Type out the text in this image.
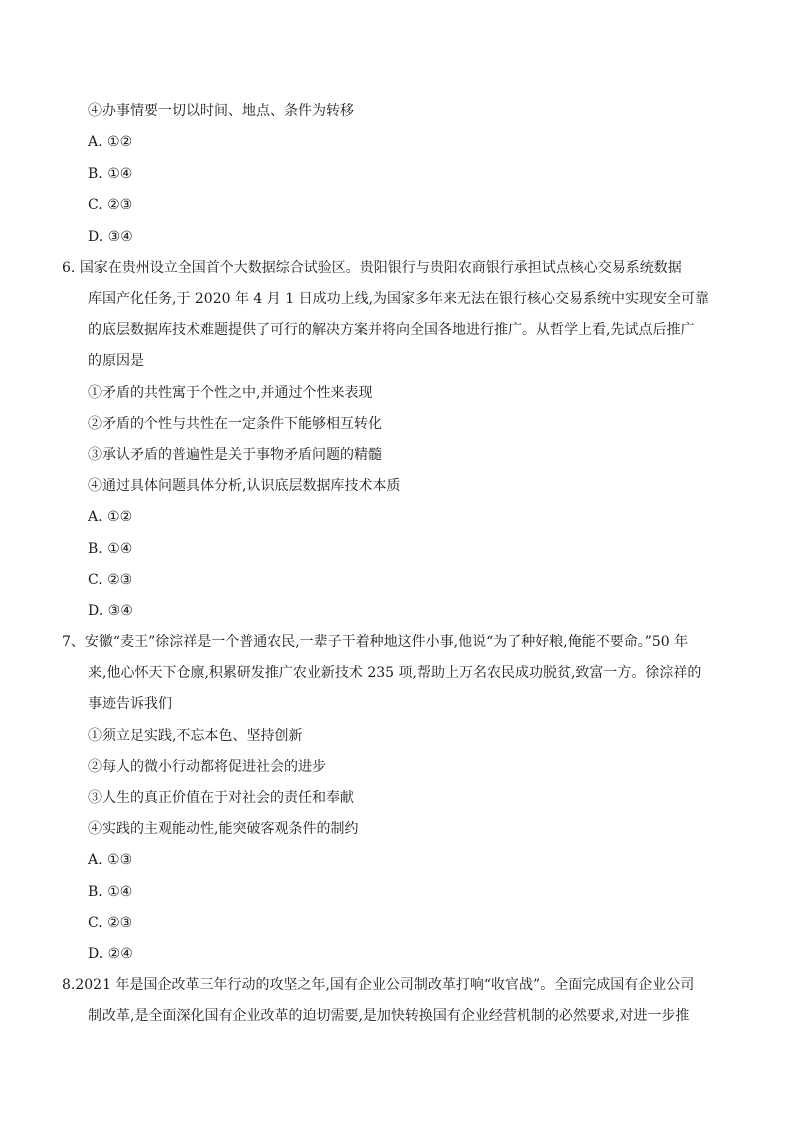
④办事情要一切以时间、地点、条件为转移
A. ①②
B. ①④
C. ②③
D. ③④
6. 国家在贵州设立全国首个大数据综合试验区。贵阳银行与贵阳农商银行承担试点核心交易系统数据
库国产化任务,于 2020 年 4 月 1 日成功上线,为国家多年来无法在银行核心交易系统中实现安全可靠
的底层数据库技术难题提供了可行的解决方案并将向全国各地进行推广。从哲学上看,先试点后推广
的原因是
①矛盾的共性寓于个性之中,并通过个性来表现
②矛盾的个性与共性在一定条件下能够相互转化
③承认矛盾的普遍性是关于事物矛盾问题的精髓
④通过具体问题具体分析,认识底层数据库技术本质
A. ①②
B. ①④
C. ②③
D. ③④
7、安徽“麦王”徐淙祥是一个普通农民,一辈子干着种地这件小事,他说“为了种好粮,俺能不要命。”50 年
来,他心怀天下仓廪,积累研发推广农业新技术 235 项,帮助上万名农民成功脱贫,致富一方。徐淙祥的
事迹告诉我们
①须立足实践,不忘本色、坚持创新
②每人的微小行动都将促进社会的进步
③人生的真正价值在于对社会的责任和奉献
④实践的主观能动性,能突破客观条件的制约
A. ①③
B. ①④
C. ②③
D. ②④
8.2021 年是国企改革三年行动的攻坚之年,国有企业公司制改革打响“收官战”。全面完成国有企业公司
制改革,是全面深化国有企业改革的迫切需要,是加快转换国有企业经营机制的必然要求,对进一步推
